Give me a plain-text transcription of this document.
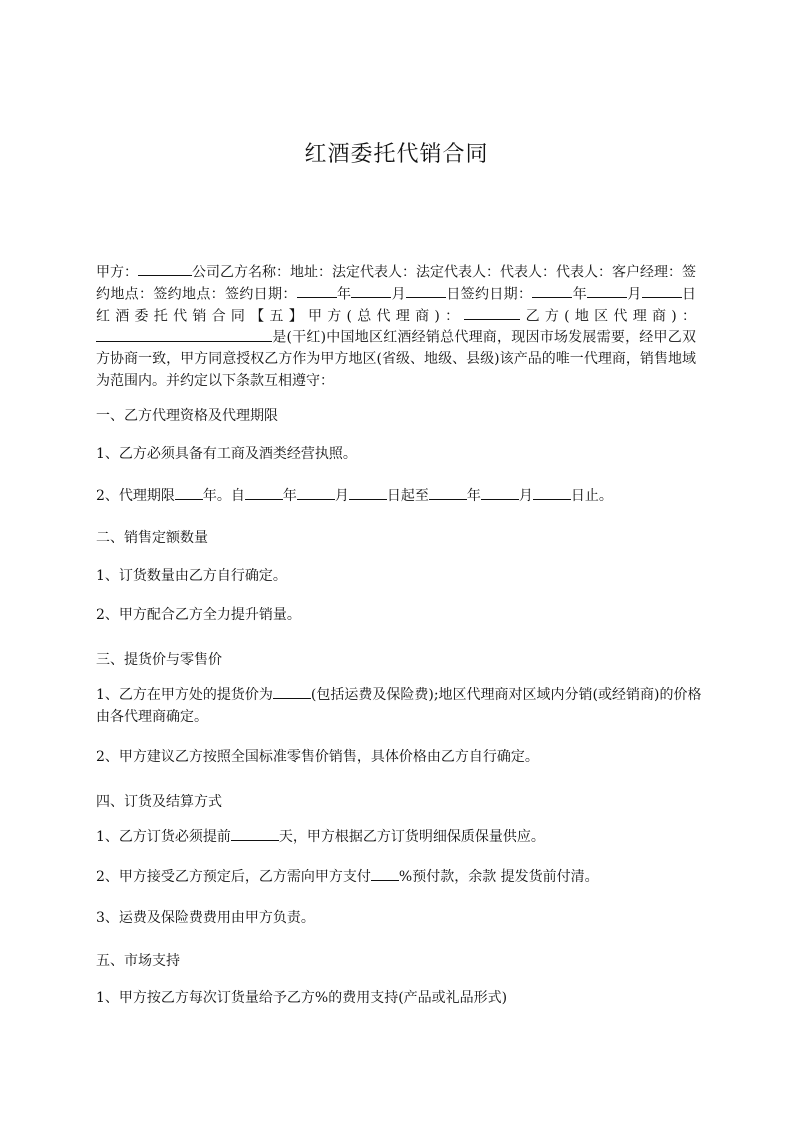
红酒委托代销合同
甲方：	公司乙方名称：地址：法定代表人：法定代表人：代表人：代表人：客户经理：签约地点：签约地点：签约日期：	年	月	日签约日期：	年	月	日红酒委托代销合同【五】甲方(总代理商)：	乙方(地区代理商)：是(干红)中国地区红酒经销总代理商，现因市场发展需要，经甲乙双方协商一致，甲方同意授权乙方作为甲方地区(省级、地级、县级)该产品的唯一代理商，销售地域为范围内。并约定以下条款互相遵守：
一、乙方代理资格及代理期限
1、乙方必须具备有工商及酒类经营执照。
2、代理期限 年。自	年	月	日起至	年	月	日止。
二、销售定额数量
1、订货数量由乙方自行确定。
2、甲方配合乙方全力提升销量。
三、提货价与零售价
1、乙方在甲方处的提货价为	(包括运费及保险费);地区代理商对区域内分销(或经销商)的价格由各代理商确定。
2、甲方建议乙方按照全国标准零售价销售，具体价格由乙方自行确定。
四、订货及结算方式
1、乙方订货必须提前	天，甲方根据乙方订货明细保质保量供应。
2、甲方接受乙方预定后，乙方需向甲方支付 %预付款，余款 提发货前付清。
3、运费及保险费费用由甲方负责。
五、市场支持
1、甲方按乙方每次订货量给予乙方%的费用支持(产品或礼品形式)
